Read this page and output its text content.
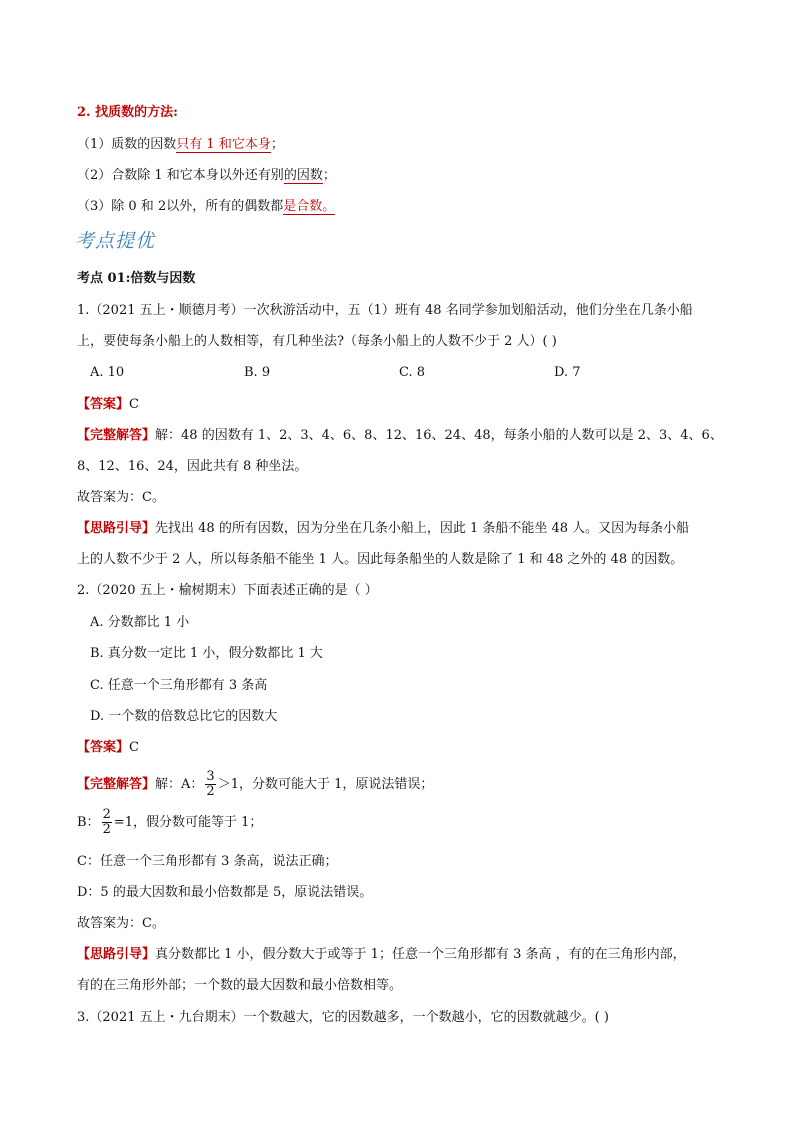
2. 找质数的方法:
（1）质数的因数只有 1 和它本身；
（2）合数除 1 和它本身以外还有别的因数；
（3）除 0 和 2以外，所有的偶数都是合数。
考点提优
考点 01:倍数与因数
1.（2021 五上・顺德月考）一次秋游活动中，五（1）班有 48 名同学参加划船活动，他们分坐在几条小船
上，要使每条小船上的人数相等，有几种坐法?（每条小船上的人数不少于 2 人）( )
A. 10	B. 9	C. 8	D. 7
【答案】C
【完整解答】解：48 的因数有 1、2、3、4、6、8、12、16、24、48，每条小船的人数可以是 2、3、4、6、
8、12、16、24，因此共有 8 种坐法。
故答案为：C。
【思路引导】先找出 48 的所有因数，因为分坐在几条小船上，因此 1 条船不能坐 48 人。又因为每条小船
上的人数不少于 2 人，所以每条船不能坐 1 人。因此每条船坐的人数是除了 1 和 48 之外的 48 的因数。
2.（2020 五上・榆树期末）下面表述正确的是（ ）
A. 分数都比 1 小
B. 真分数一定比 1 小，假分数都比 1 大
C. 任意一个三角形都有 3 条高
D. 一个数的倍数总比它的因数大
【答案】C
【完整解答】解：A： $\frac{3}{2} >1$，分数可能大于 1，原说法错误；
B： $\frac{2}{2} =1$，假分数可能等于 1；
C：任意一个三角形都有 3 条高，说法正确；
D：5 的最大因数和最小倍数都是 5，原说法错误。
故答案为：C。
【思路引导】真分数都比 1 小，假分数大于或等于 1；任意一个三角形都有 3 条高 ，有的在三角形内部，
有的在三角形外部；一个数的最大因数和最小倍数相等。
3.（2021 五上・九台期末）一个数越大，它的因数越多，一个数越小，它的因数就越少。( )
